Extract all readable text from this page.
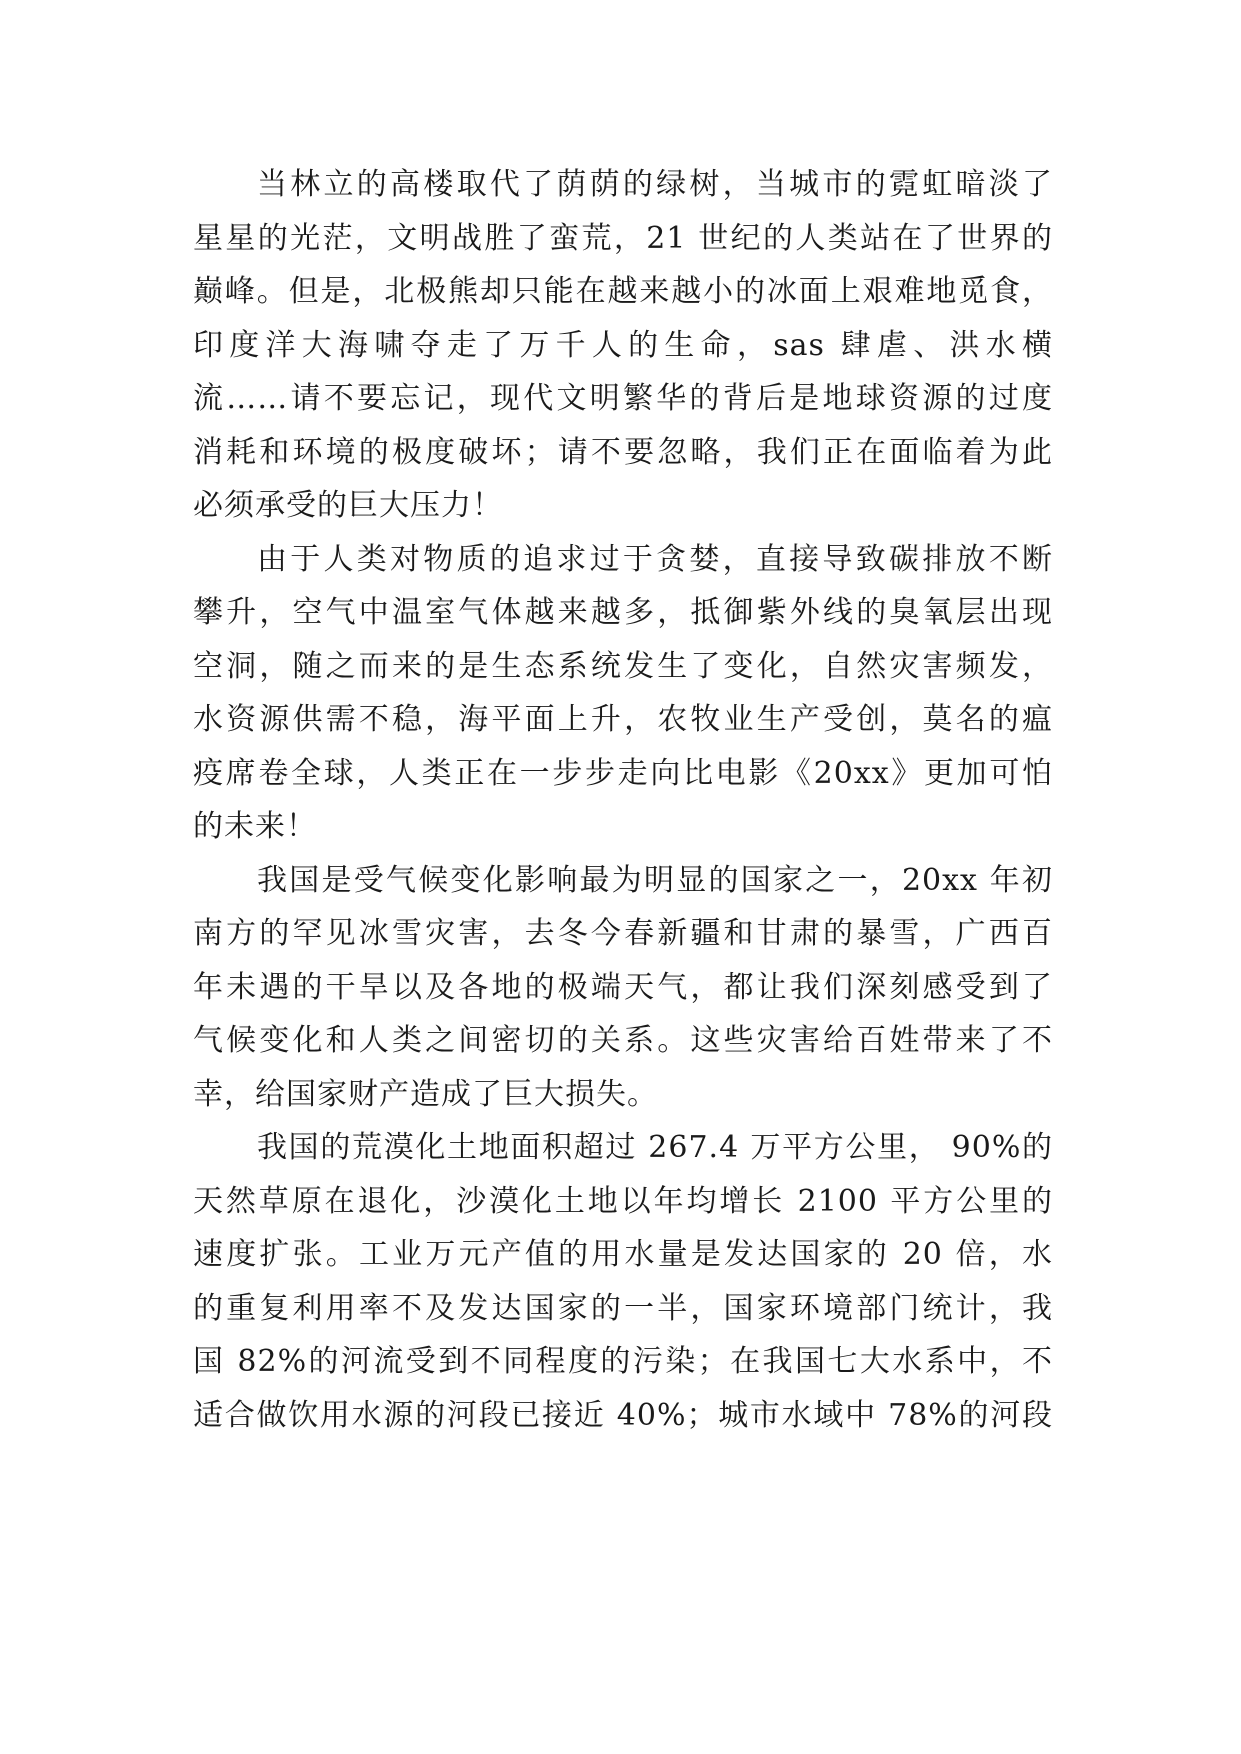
当林立的高楼取代了荫荫的绿树，当城市的霓虹暗淡了
星星的光茫，文明战胜了蛮荒，21 世纪的人类站在了世界的
巅峰。但是，北极熊却只能在越来越小的冰面上艰难地觅食，
印度洋大海啸夺走了万千人的生命，sas 肆虐、洪水横
流……请不要忘记，现代文明繁华的背后是地球资源的过度
消耗和环境的极度破坏；请不要忽略，我们正在面临着为此
必须承受的巨大压力！
由于人类对物质的追求过于贪婪，直接导致碳排放不断
攀升，空气中温室气体越来越多，抵御紫外线的臭氧层出现
空洞，随之而来的是生态系统发生了变化，自然灾害频发，
水资源供需不稳，海平面上升，农牧业生产受创，莫名的瘟
疫席卷全球，人类正在一步步走向比电影《20xx》更加可怕
的未来！
我国是受气候变化影响最为明显的国家之一，20xx 年初
南方的罕见冰雪灾害，去冬今春新疆和甘肃的暴雪，广西百
年未遇的干旱以及各地的极端天气，都让我们深刻感受到了
气候变化和人类之间密切的关系。这些灾害给百姓带来了不
幸，给国家财产造成了巨大损失。
我国的荒漠化土地面积超过 267.4 万平方公里， 90%的
天然草原在退化，沙漠化土地以年均增长 2100 平方公里的
速度扩张。工业万元产值的用水量是发达国家的 20 倍，水
的重复利用率不及发达国家的一半，国家环境部门统计，我
国 82%的河流受到不同程度的污染；在我国七大水系中，不
适合做饮用水源的河段已接近 40%；城市水域中 78%的河段
